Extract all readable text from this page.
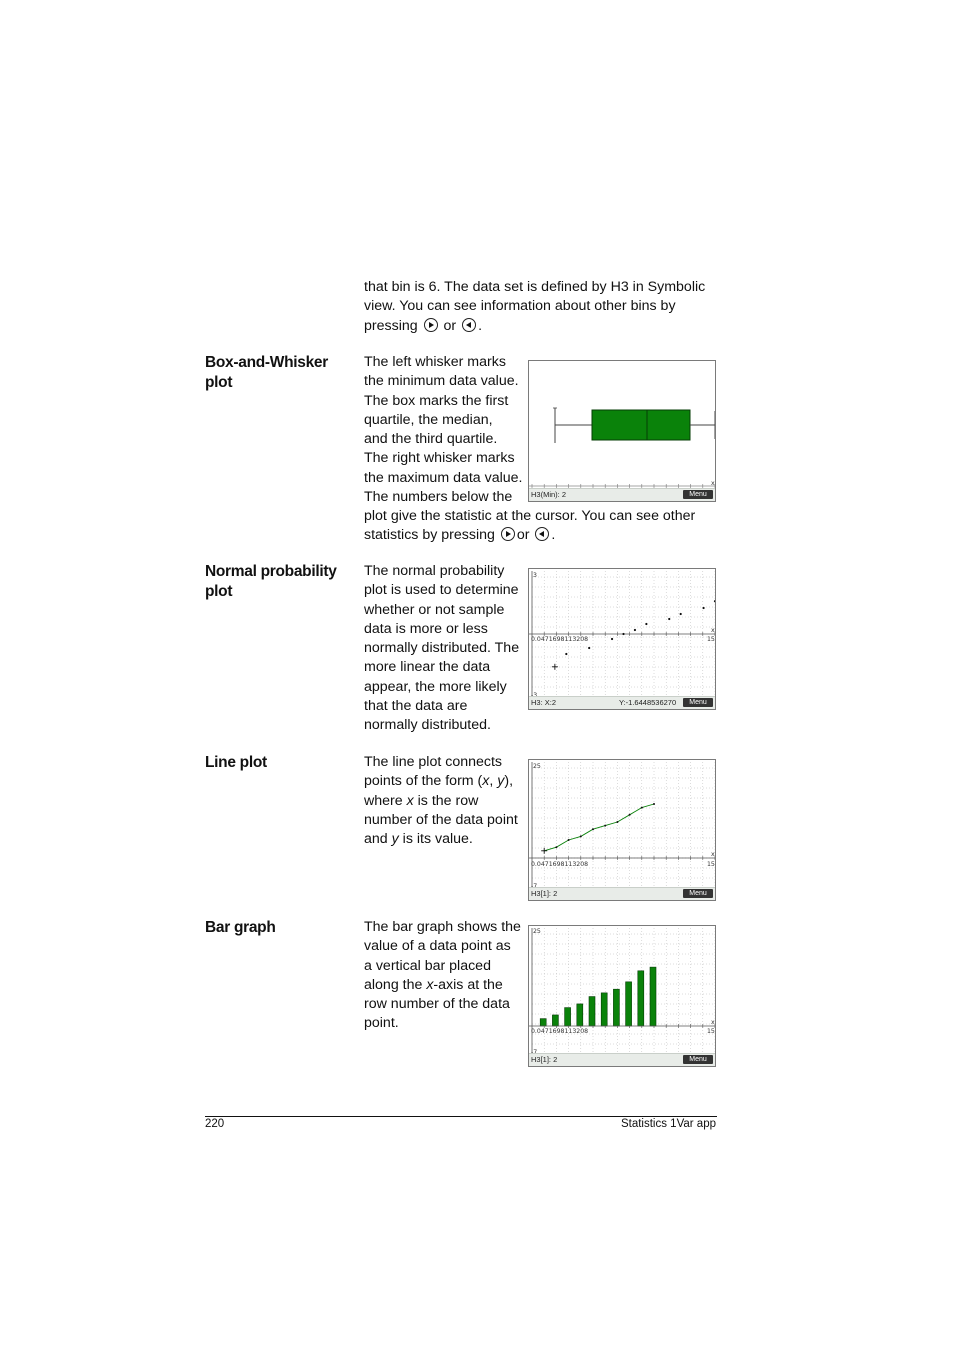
that bin is 6. The data set is defined by H3 in Symbolic

view. You can see information about other bins by

pressing or .

Box-and-Whisker
plot

The left whisker marks

the minimum data value.

The box marks the first

quartile, the median,

and the third quartile.

The right whisker marks

the maximum data value.

The numbers below the

plot give the statistic at the cursor. You can see other

statistics by pressing or .

x
H3(Min): 2	Menu
Normal probability
plot

The normal probability

plot is used to determine

whether or not sample

data is more or less

normally distributed. The

more linear the data

appear, the more likely

that the data are

normally distributed.

3
0.0471698113208	15
x
H3: X:2	Y:-1.6448536270	Menu
Line plot	The line plot connects

points of the form (x, y),

where x is the row

number of the data point

and y is its value.

25
0.0471698113208	15
x
H3[1]: 2	Menu
Bar graph	The bar graph shows the

value of a data point as

a vertical bar placed

along the x-axis at the

row number of the data

point.

25
0.0471698113208	15
x
H3[1]: 2	Menu
220	Statistics 1Var app
